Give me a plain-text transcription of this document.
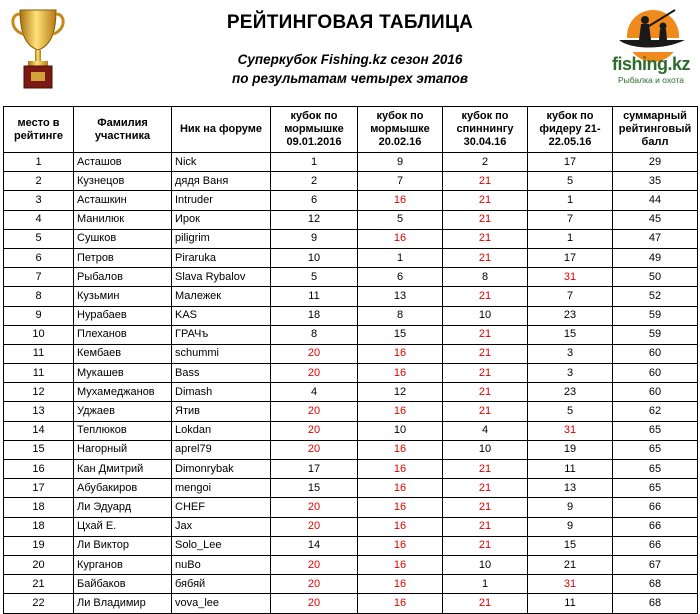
РЕЙТИНГОВАЯ ТАБЛИЦА
Суперкубок Fishing.kz сезон 2016
по результатам четырех этапов
fishing.kz
Рыбалка и охота
место в рейтинге	Фамилия участника	Ник на форуме	кубок по мормышке 09.01.2016	кубок по мормышке 20.02.16	кубок по спиннингу 30.04.16	кубок по фидеру 21-22.05.16	суммарный рейтинговый балл
1	Асташов	Nick	1	9	2	17	29
2	Кузнецов	дядя Ваня	2	7	21	5	35
3	Асташкин	Intruder	6	16	21	1	44
4	Манилюк	Ирок	12	5	21	7	45
5	Сушков	piligrim	9	16	21	1	47
6	Петров	Piraruka	10	1	21	17	49
7	Рыбалов	Slava Rybalov	5	6	8	31	50
8	Кузьмин	Малежек	11	13	21	7	52
9	Нурабаев	KAS	18	8	10	23	59
10	Плеханов	ГРАЧъ	8	15	21	15	59
11	Кембаев	schummi	20	16	21	3	60
11	Мукашев	Bass	20	16	21	3	60
12	Мухамеджанов	Dimash	4	12	21	23	60
13	Уджаев	Ятив	20	16	21	5	62
14	Теплюков	Lokdan	20	10	4	31	65
15	Нагорный	aprel79	20	16	10	19	65
16	Кан Дмитрий	Dimonrybak	17	16	21	11	65
17	Абубакиров	mengoi	15	16	21	13	65
18	Ли Эдуард	CHEF	20	16	21	9	66
18	Цхай Е.	Jax	20	16	21	9	66
19	Ли Виктор	Solo_Lee	14	16	21	15	66
20	Курганов	nuBo	20	16	10	21	67
21	Байбаков	бябяй	20	16	1	31	68
22	Ли Владимир	vova_lee	20	16	21	11	68
